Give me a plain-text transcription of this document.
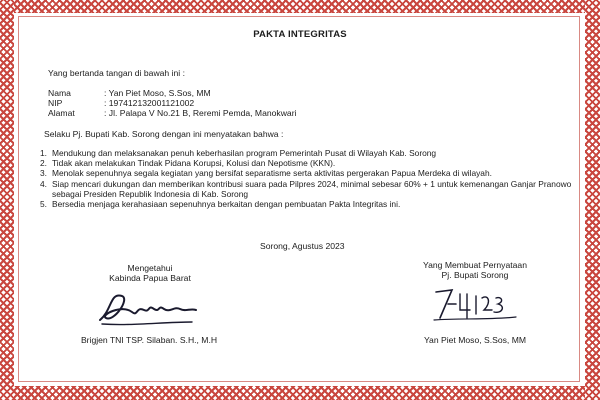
PAKTA INTEGRITAS
Yang bertanda tangan di bawah ini :
Nama	: Yan Piet Moso, S.Sos, MM
NIP	: 197412132001121002
Alamat	: Jl. Palapa V No.21 B, Reremi Pemda, Manokwari
Selaku Pj. Bupati Kab. Sorong dengan ini menyatakan bahwa :
1. Mendukung dan melaksanakan penuh keberhasilan program Pemerintah Pusat di Wilayah Kab. Sorong
2. Tidak akan melakukan Tindak Pidana Korupsi, Kolusi dan Nepotisme (KKN).
3. Menolak sepenuhnya segala kegiatan yang bersifat separatisme serta aktivitas pergerakan Papua Merdeka di wilayah.
4. Siap mencari dukungan dan memberikan kontribusi suara pada Pilpres 2024, minimal sebesar 60% + 1 untuk kemenangan Ganjar Pranowo sebagai Presiden Republik Indonesia di Kab. Sorong
5. Bersedia menjaga kerahasiaan sepenuhnya berkaitan dengan pembuatan Pakta Integritas ini.
Sorong, Agustus 2023
Mengetahui
Kabinda Papua Barat
Brigjen TNI TSP. Silaban. S.H., M.H
Yang Membuat Pernyataan
Pj. Bupati Sorong
Yan Piet Moso, S.Sos, MM
